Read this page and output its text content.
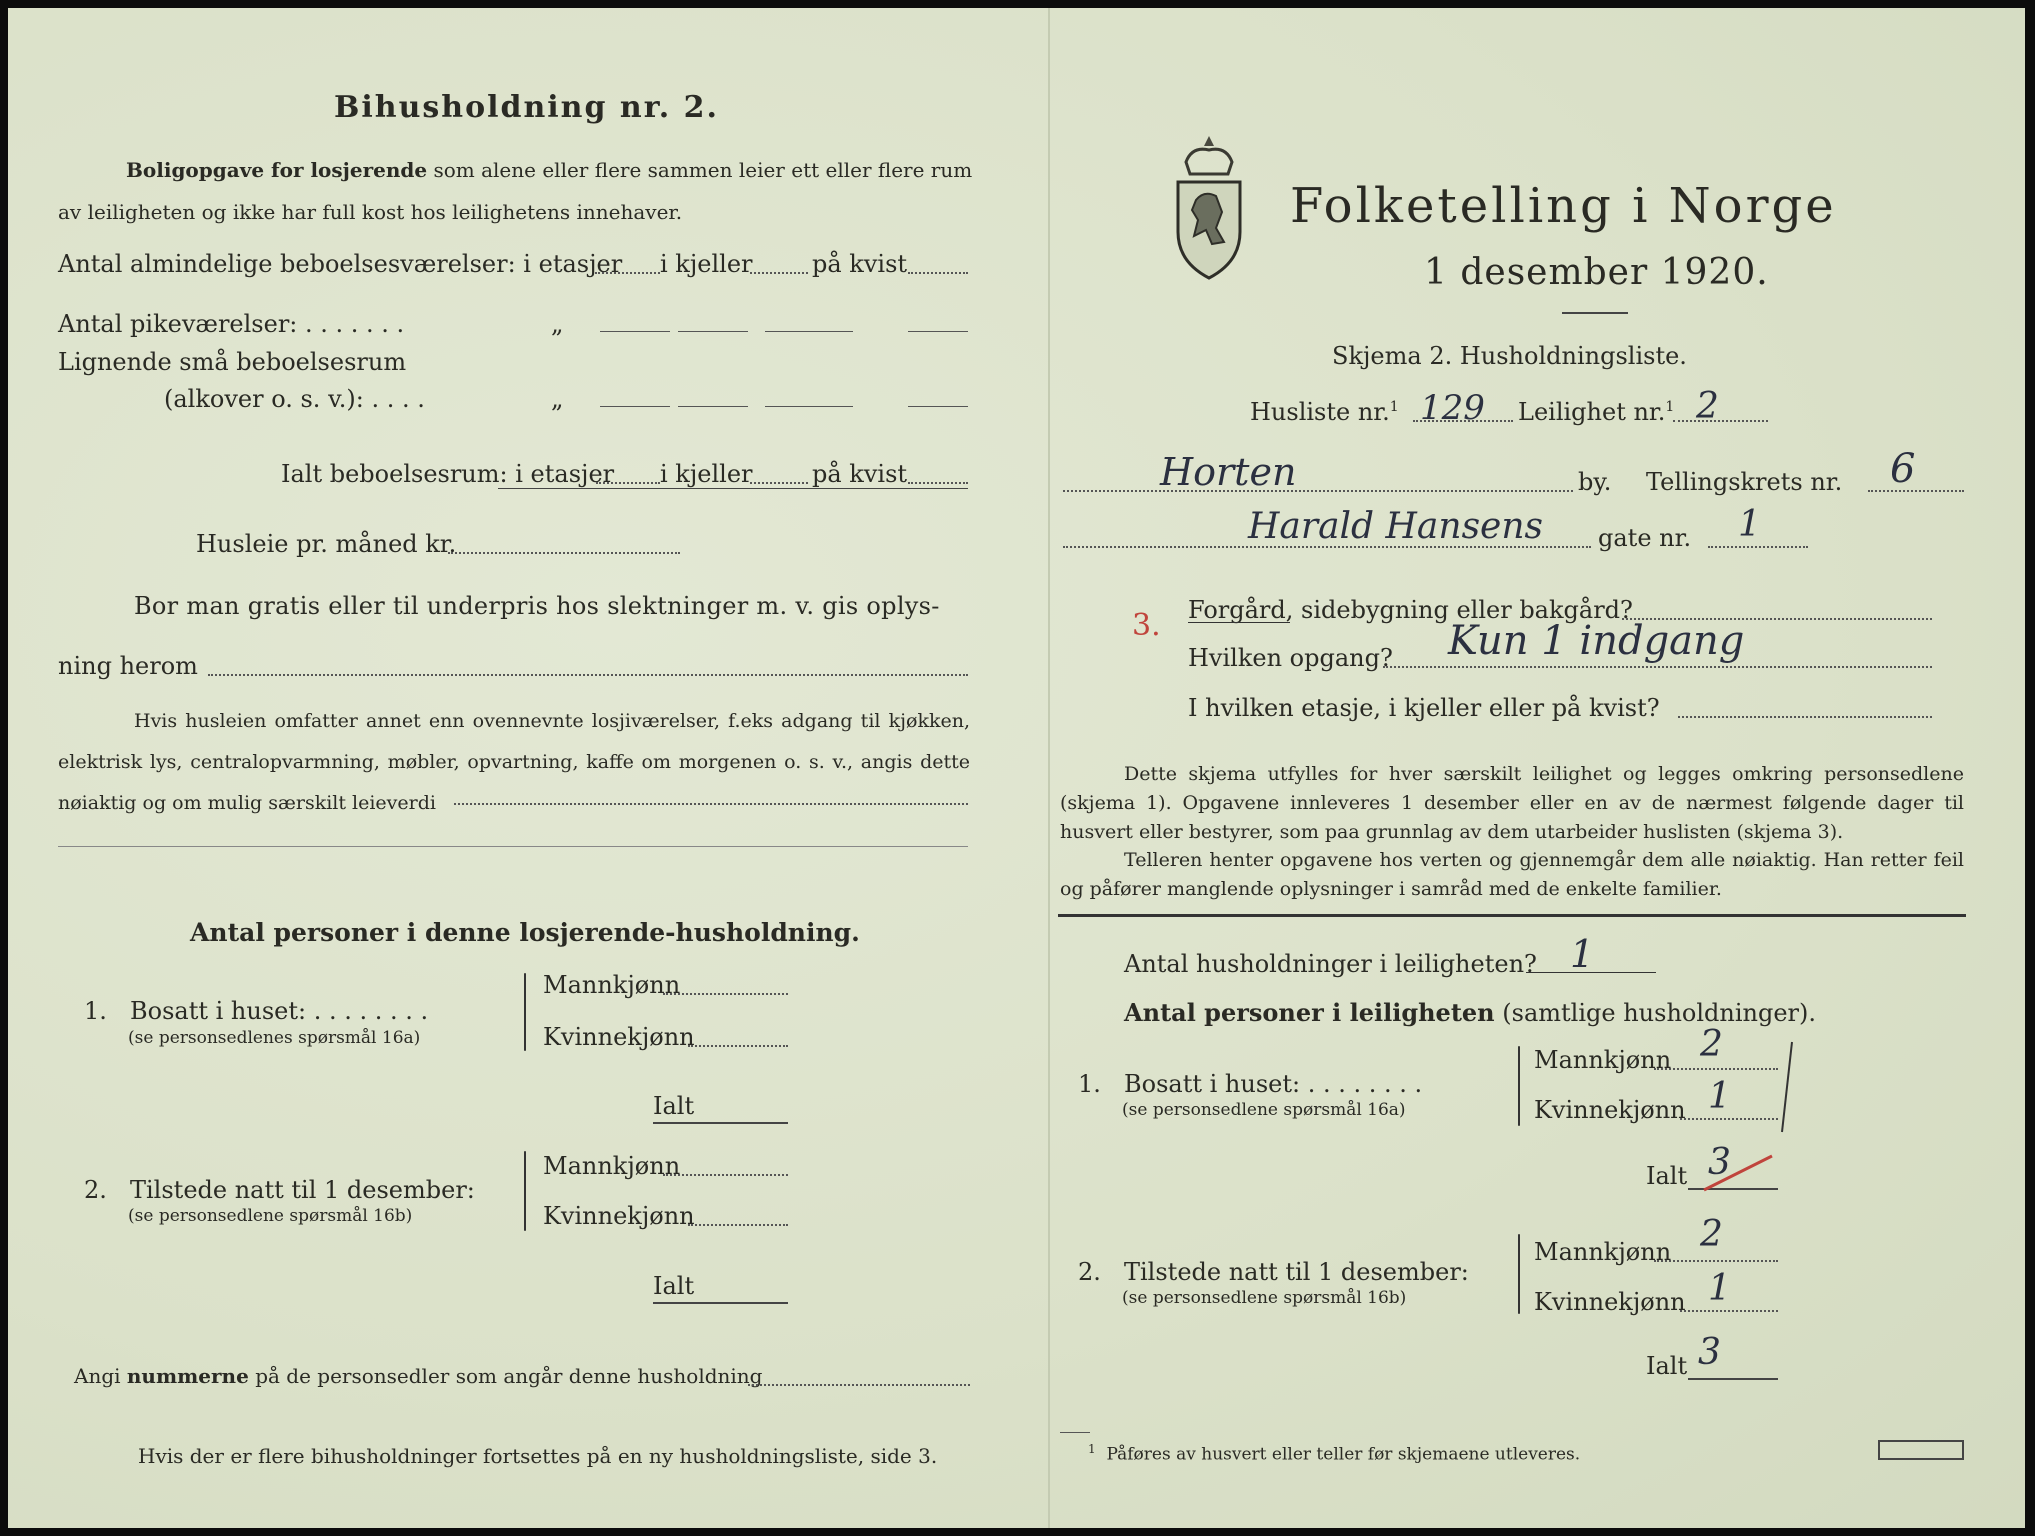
Bihusholdning nr. 2.
Boligopgave for losjerende som alene eller flere sammen leier ett eller flere rum
av leiligheten og ikke har full kost hos leilighetens innehaver.
Antal almindelige beboelsesværelser: i etasjer i kjeller på kvist
Antal pikeværelser: . . . . . . .	„
Lignende små beboelsesrum
(alkover o. s. v.): . . . .	„
Ialt beboelsesrum: i etasjer i kjeller på kvist
Husleie pr. måned kr.
Bor man gratis eller til underpris hos slektninger m. v. gis oplys-
ning herom
Hvis husleien omfatter annet enn ovennevnte losjiværelser, f.eks adgang til kjøkken, elektrisk lys, centralopvarmning, møbler, opvartning, kaffe om morgenen o. s. v., angis dette nøiaktig og om mulig særskilt leieverdi
Antal personer i denne losjerende-husholdning.
1. Bosatt i huset: . . . . . . . .
(se personsedlenes spørsmål 16a)
Mannkjønn
Kvinnekjønn
Ialt
2. Tilstede natt til 1 desember:
(se personsedlene spørsmål 16b)
Mannkjønn
Kvinnekjønn
Ialt
Angi nummerne på de personsedler som angår denne husholdning
Hvis der er flere bihusholdninger fortsettes på en ny husholdningsliste, side 3.
Folketelling i Norge
1 desember 1920.
Skjema 2. Husholdningsliste.
Husliste nr.$^1$ 129 Leilighet nr.$^1$ 2
Horten	by. Tellingskrets nr. 6
Harald Hansens gate nr. 1
3. Forgård, sidebygning eller bakgård?
Hvilken opgang? Kun 1 indgang
I hvilken etasje, i kjeller eller på kvist?
Dette skjema utfylles for hver særskilt leilighet og legges omkring personsedlene (skjema 1). Opgavene innleveres 1 desember eller en av de nærmest følgende dager til husvert eller bestyrer, som paa grunnlag av dem utarbeider huslisten (skjema 3).
Telleren henter opgavene hos verten og gjennemgår dem alle nøiaktig. Han retter feil og påfører manglende oplysninger i samråd med de enkelte familier.
Antal husholdninger i leiligheten? 1
Antal personer i leiligheten (samtlige husholdninger).
1. Bosatt i huset: . . . . . . . .
(se personsedlene spørsmål 16a)
Mannkjønn 2
Kvinnekjønn 1
Ialt 3
2. Tilstede natt til 1 desember:
(se personsedlene spørsmål 16b)
Mannkjønn 2
Kvinnekjønn 1
Ialt 3
$^1$ Påføres av husvert eller teller før skjemaene utleveres.
